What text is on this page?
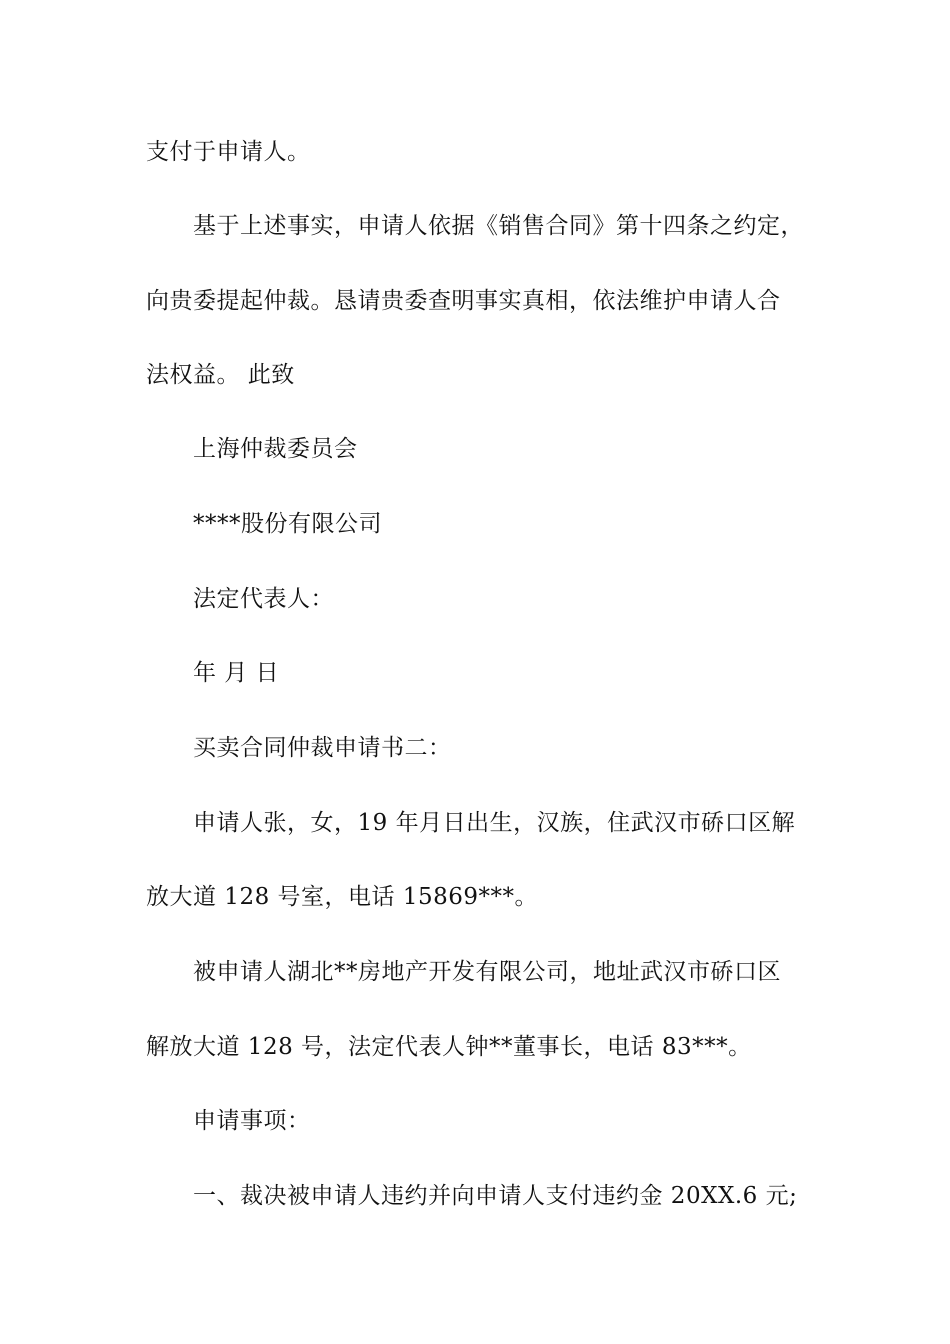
支付于申请人。
基于上述事实，申请人依据《销售合同》第十四条之约定，
向贵委提起仲裁。恳请贵委查明事实真相，依法维护申请人合
法权益。 此致
上海仲裁委员会
****股份有限公司
法定代表人：
年 月 日
买卖合同仲裁申请书二：
申请人张，女，19 年月日出生，汉族，住武汉市硚口区解
放大道 128 号室，电话 15869***。
被申请人湖北**房地产开发有限公司，地址武汉市硚口区
解放大道 128 号，法定代表人钟**董事长，电话 83***。
申请事项：
一、裁决被申请人违约并向申请人支付违约金 20XX.6 元;
